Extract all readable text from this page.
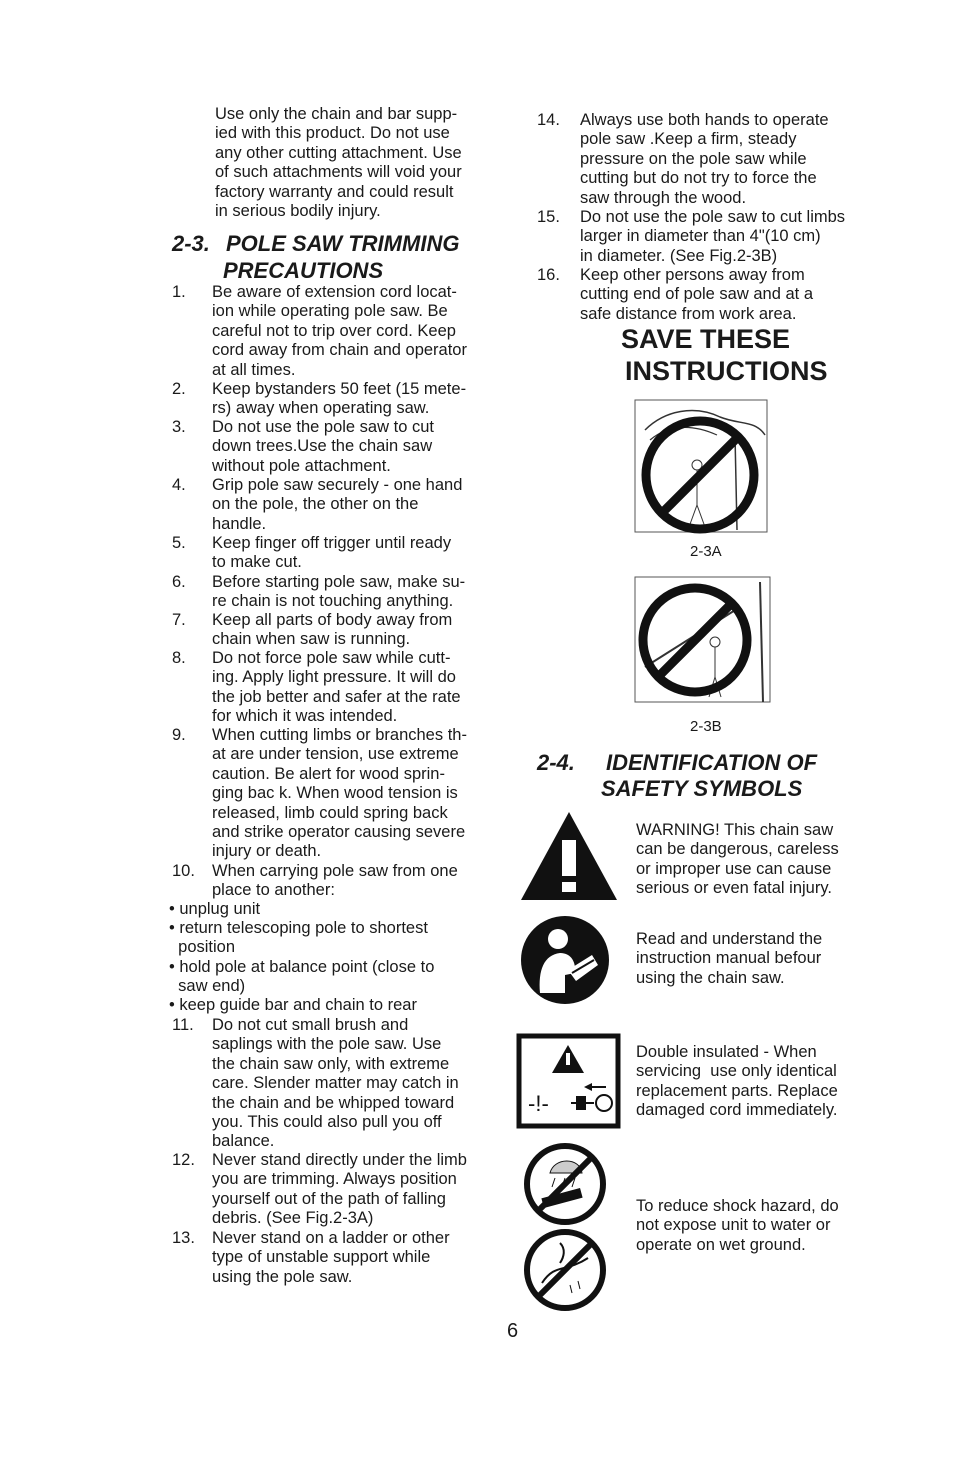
Use only the chain and bar supp-
ied with this product. Do not use
any other cutting attachment. Use
of such attachments will void your
factory warranty and could result
in serious bodily injury.
2-3. POLE SAW TRIMMING
PRECAUTIONS
1. Be aware of extension cord locat-
ion while operating pole saw. Be
careful not to trip over cord. Keep
cord away from chain and operator
at all times.
2. Keep bystanders 50 feet (15 mete-
rs) away when operating saw.
3. Do not use the pole saw to cut
down trees.Use the chain saw
without pole attachment.
4. Grip pole saw securely - one hand
on the pole, the other on the
handle.
5. Keep finger off trigger until ready
to make cut.
6. Before starting pole saw, make su-
re chain is not touching anything.
7. Keep all parts of body away from
chain when saw is running.
8. Do not force pole saw while cutt-
ing. Apply light pressure. It will do
the job better and safer at the rate
for which it was intended.
9. When cutting limbs or branches th-
at are under tension, use extreme
caution. Be alert for wood sprin-
ging bac k. When wood tension is
released, limb could spring back
and strike operator causing severe
injury or death.
10. When carrying pole saw from one
place to another:
• unplug unit
• return telescoping pole to shortest
position
• hold pole at balance point (close to
saw end)
• keep guide bar and chain to rear
11. Do not cut small brush and
saplings with the pole saw. Use
the chain saw only, with extreme
care. Slender matter may catch in
the chain and be whipped toward
you. This could also pull you off
balance.
12. Never stand directly under the limb
you are trimming. Always position
yourself out of the path of falling
debris. (See Fig.2-3A)
13. Never stand on a ladder or other
type of unstable support while
using the pole saw.
14. Always use both hands to operate
pole saw .Keep a firm, steady
pressure on the pole saw while
cutting but do not try to force the
saw through the wood.
15. Do not use the pole saw to cut limbs
larger in diameter than 4"(10 cm)
in diameter. (See Fig.2-3B)
16. Keep other persons away from
cutting end of pole saw and at a
safe distance from work area.
SAVE THESE
INSTRUCTIONS
2-3A
2-3B
2-4. IDENTIFICATION OF
SAFETY SYMBOLS
WARNING! This chain saw
can be dangerous, careless
or improper use can cause
serious or even fatal injury.
Read and understand the
instruction manual befour
using the chain saw.
-!-
Double insulated - When
servicing  use only identical
replacement parts. Replace
damaged cord immediately.
To reduce shock hazard, do
not expose unit to water or
operate on wet ground.
6
